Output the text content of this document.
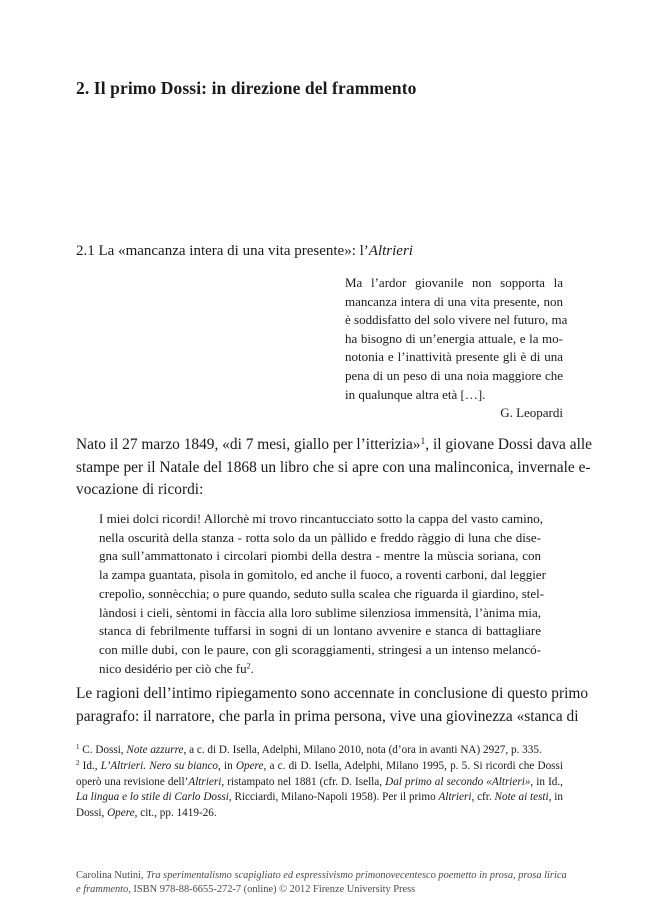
2. Il primo Dossi: in direzione del frammento
2.1 La «mancanza intera di una vita presente»: l’Altrieri
Ma l’ardor giovanile non sopporta la
mancanza intera di una vita presente, non
è soddisfatto del solo vivere nel futuro, ma
ha bisogno di un’energia attuale, e la mo-
notonia e l’inattività presente gli è di una
pena di un peso di una noia maggiore che
in qualunque altra età […].
G. Leopardi
Nato il 27 marzo 1849, «di 7 mesi, giallo per l’itterizia»$^1$, il giovane Dossi dava alle
stampe per il Natale del 1868 un libro che si apre con una malinconica, invernale e-
vocazione di ricordi:
I miei dolci ricordi! Allorchè mi trovo rincantucciato sotto la cappa del vasto camino,
nella oscurità della stanza - rotta solo da un pàllido e freddo ràggio di luna che dise-
gna sull’ammattonato i circolari piombi della destra - mentre la mùscia soriana, con
la zampa guantata, pìsola in gomìtolo, ed anche il fuoco, a roventi carboni, dal leggier
crepolìo, sonnècchia; o pure quando, seduto sulla scalea che riguarda il giardino, stel-
làndosi i cieli, sèntomi in fàccia alla loro sublime silenziosa immensità, l’ànima mia,
stanca di febrilmente tuffarsi in sogni di un lontano avvenire e stanca di battagliare
con mille dubi, con le paure, con gli scoraggiamenti, stringesi a un intenso melancó-
nico desidério per ciò che $fu^2$.
Le ragioni dell’intimo ripiegamento sono accennate in conclusione di questo primo
paragrafo: il narratore, che parla in prima persona, vive una giovinezza «stanca di
$^1$ C. Dossi, Note azzurre, a c. di D. Isella, Adelphi, Milano 2010, nota (d’ora in avanti NA) 2927, p. 335.
$^2$ Id., L’Altrieri. Nero su bianco, in Opere, a c. di D. Isella, Adelphi, Milano 1995, p. 5. Si ricordi che Dossi
operò una revisione dell’Altrieri, ristampato nel 1881 (cfr. D. Isella, Dal primo al secondo «Altrieri», in Id.,
La lingua e lo stile di Carlo Dossi, Ricciardi, Milano-Napoli 1958). Per il primo Altrieri, cfr. Note ai testi, in
Dossi, Opere, cit., pp. 1419-26.
Carolina Nutini, Tra sperimentalismo scapigliato ed espressivismo primonovecentesco poemetto in prosa, prosa lirica
e frammento, ISBN 978-88-6655-272-7 (online) © 2012 Firenze University Press
